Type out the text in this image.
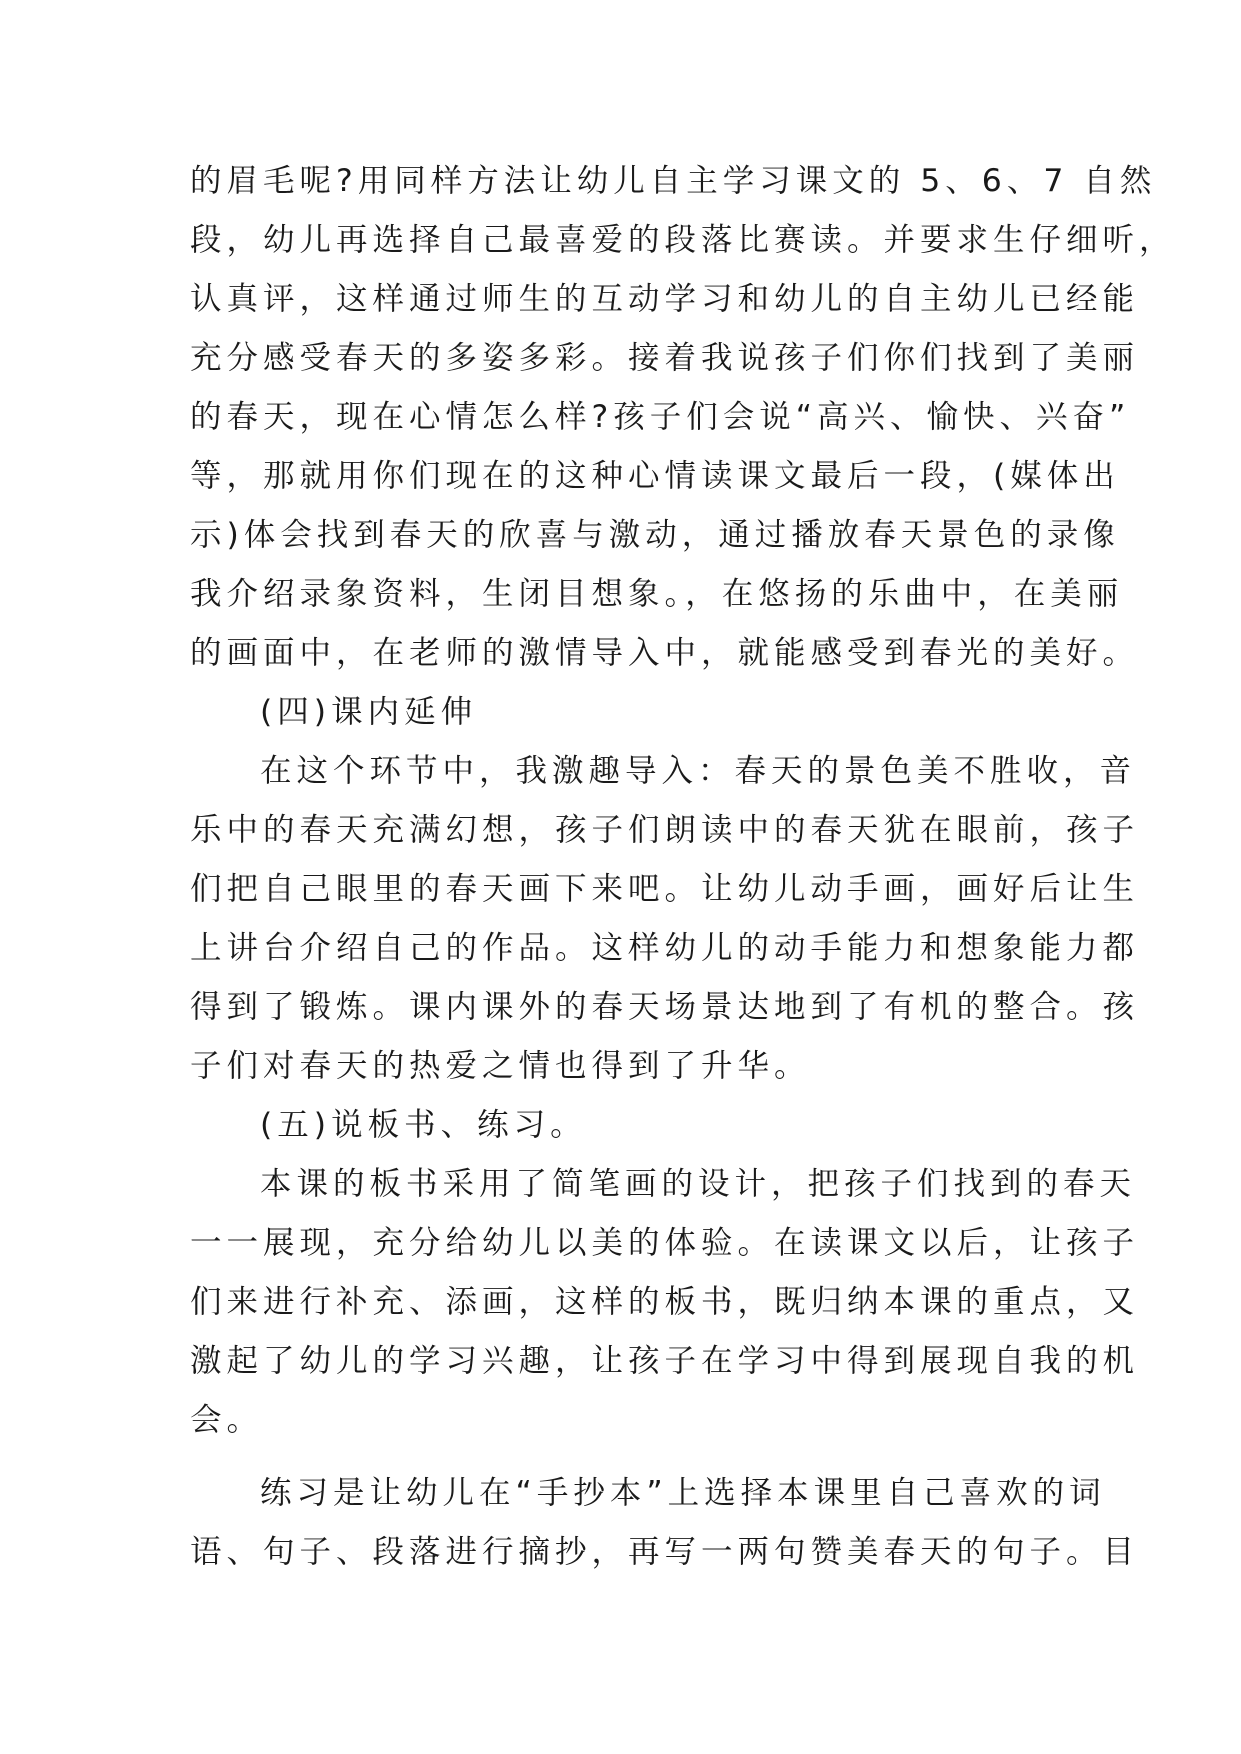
的眉毛呢?用同样方法让幼儿自主学习课文的 5、6、7 自然
段，幼儿再选择自己最喜爱的段落比赛读。并要求生仔细听，
认真评，这样通过师生的互动学习和幼儿的自主幼儿已经能
充分感受春天的多姿多彩。接着我说孩子们你们找到了美丽
的春天，现在心情怎么样?孩子们会说“高兴、愉快、兴奋”
等，那就用你们现在的这种心情读课文最后一段，(媒体出
示)体会找到春天的欣喜与激动，通过播放春天景色的录像
我介绍录象资料，生闭目想象。，在悠扬的乐曲中，在美丽
的画面中，在老师的激情导入中，就能感受到春光的美好。
(四)课内延伸
在这个环节中，我激趣导入：春天的景色美不胜收，音
乐中的春天充满幻想，孩子们朗读中的春天犹在眼前，孩子
们把自己眼里的春天画下来吧。让幼儿动手画，画好后让生
上讲台介绍自己的作品。这样幼儿的动手能力和想象能力都
得到了锻炼。课内课外的春天场景达地到了有机的整合。孩
子们对春天的热爱之情也得到了升华。
(五)说板书、练习。
本课的板书采用了简笔画的设计，把孩子们找到的春天
一一展现，充分给幼儿以美的体验。在读课文以后，让孩子
们来进行补充、添画，这样的板书，既归纳本课的重点，又
激起了幼儿的学习兴趣，让孩子在学习中得到展现自我的机
会。
练习是让幼儿在“手抄本”上选择本课里自己喜欢的词
语、句子、段落进行摘抄，再写一两句赞美春天的句子。目
